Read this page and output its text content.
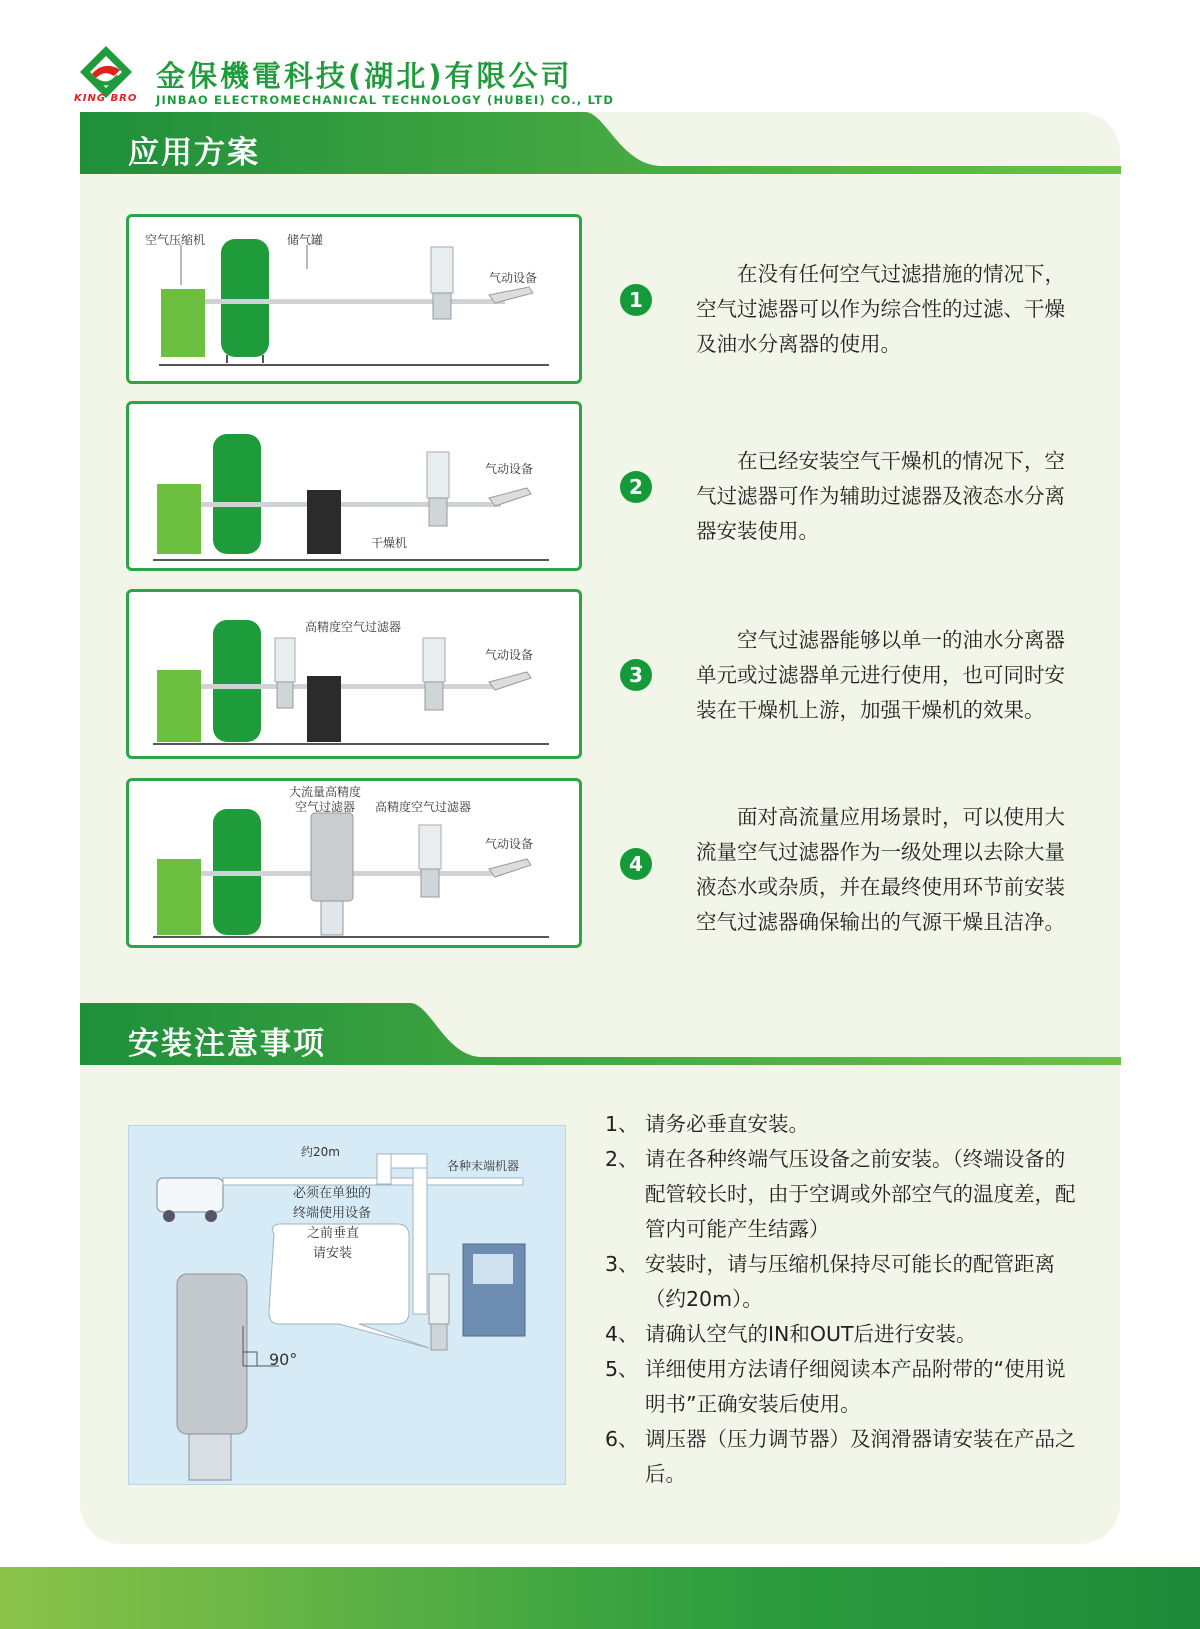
KING BRO
金保機電科技(湖北)有限公司
JINBAO ELECTROMECHANICAL TECHNOLOGY (HUBEI) CO., LTD
应用方案
空气压缩机	储气罐
气动设备
1
在没有任何空气过滤措施的情况下，空气过滤器可以作为综合性的过滤、干燥及油水分离器的使用。
气动设备
干燥机
2
在已经安装空气干燥机的情况下，空气过滤器可作为辅助过滤器及液态水分离器安装使用。
高精度空气过滤器
气动设备
3
空气过滤器能够以单一的油水分离器单元或过滤器单元进行使用，也可同时安装在干燥机上游，加强干燥机的效果。
大流量高精度
空气过滤器 高精度空气过滤器
气动设备
4
面对高流量应用场景时，可以使用大流量空气过滤器作为一级处理以去除大量液态水或杂质，并在最终使用环节前安装空气过滤器确保输出的气源干燥且洁净。
安装注意事项
约20m
各种末端机器
必须在单独的
终端使用设备
之前垂直
请安装
90°
1、 请务必垂直安装。
2、 请在各种终端气压设备之前安装。（终端设备的配管较长时，由于空调或外部空气的温度差，配管内可能产生结露）
3、 安装时，请与压缩机保持尽可能长的配管距离（约20m）。
4、 请确认空气的IN和OUT后进行安装。
5、 详细使用方法请仔细阅读本产品附带的“使用说明书”正确安装后使用。
6、 调压器（压力调节器）及润滑器请安装在产品之后。
